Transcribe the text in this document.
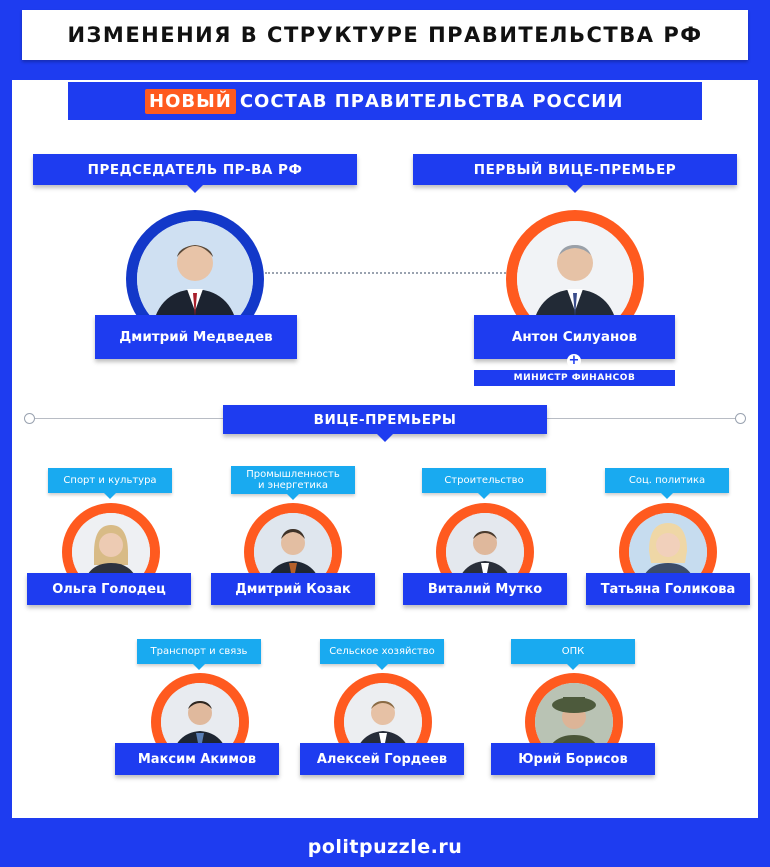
ИЗМЕНЕНИЯ В СТРУКТУРЕ ПРАВИТЕЛЬСТВА РФ
НОВЫЙ СОСТАВ ПРАВИТЕЛЬСТВА РОССИИ
ПРЕДСЕДАТЕЛЬ ПР-ВА РФ
Дмитрий Медведев
ПЕРВЫЙ ВИЦЕ-ПРЕМЬЕР
Антон Силуанов
+
МИНИСТР ФИНАНСОВ
ВИЦЕ-ПРЕМЬЕРЫ
Спорт и культура
Ольга Голодец
Промышленность
и энергетика
Дмитрий Козак
Строительство
Виталий Мутко
Соц. политика
Татьяна Голикова
Транспорт и связь
Максим Акимов
Сельское хозяйство
Алексей Гордеев
ОПК
Юрий Борисов
politpuzzle.ru
